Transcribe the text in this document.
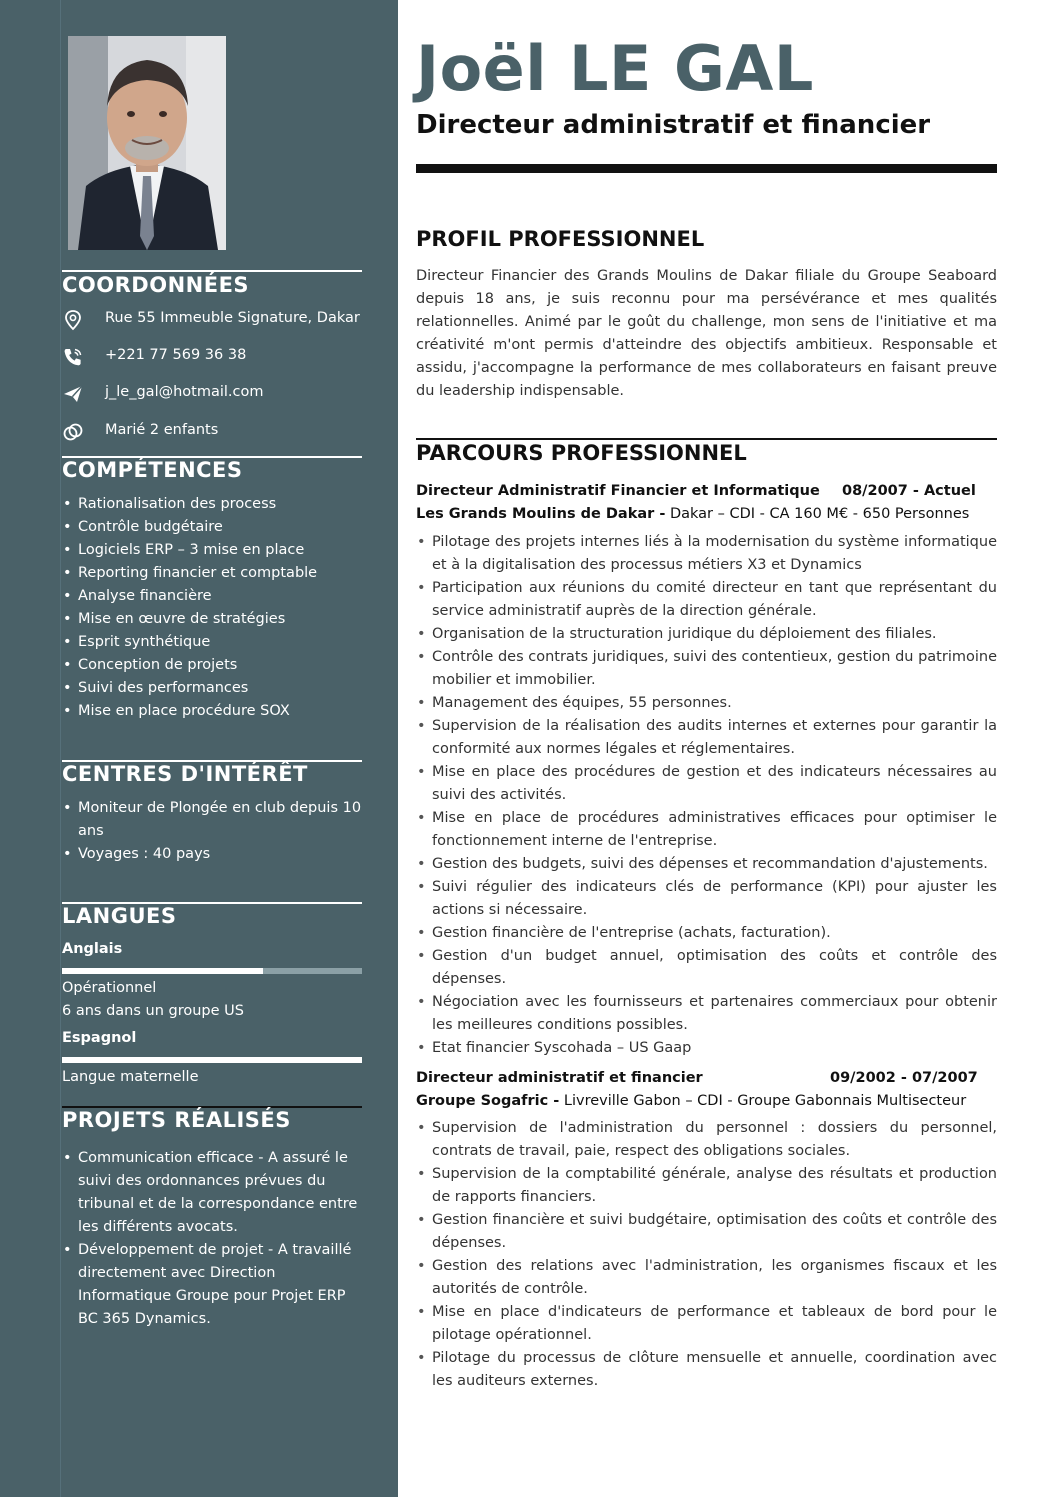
COORDONNÉES
Rue 55 Immeuble Signature, Dakar
+221 77 569 36 38
j_le_gal@hotmail.com
Marié 2 enfants
COMPÉTENCES
• Rationalisation des process
• Contrôle budgétaire
• Logiciels ERP – 3 mise en place
• Reporting financier et comptable
• Analyse financière
• Mise en œuvre de stratégies
• Esprit synthétique
• Conception de projets
• Suivi des performances
• Mise en place procédure SOX
CENTRES D'INTÉRÊT
• Moniteur de Plongée en club depuis 10 ans
• Voyages : 40 pays
LANGUES
Anglais
Opérationnel
6 ans dans un groupe US
Espagnol
Langue maternelle
PROJETS RÉALISÉS
• Communication efficace - A assuré le suivi des ordonnances prévues du tribunal et de la correspondance entre les différents avocats.
• Développement de projet - A travaillé directement avec Direction Informatique Groupe pour Projet ERP BC 365 Dynamics.
Joël LE GAL
Directeur administratif et financier
PROFIL PROFESSIONNEL

Directeur Financier des Grands Moulins de Dakar filiale du Groupe Seaboard depuis 18 ans, je suis reconnu pour ma persévérance et mes qualités relationnelles. Animé par le goût du challenge, mon sens de l'initiative et ma créativité m'ont permis d'atteindre des objectifs ambitieux. Responsable et assidu, j'accompagne la performance de mes collaborateurs en faisant preuve du leadership indispensable.

PARCOURS PROFESSIONNEL
Directeur Administratif Financier et Informatique 08/2007 - Actuel
Les Grands Moulins de Dakar - Dakar – CDI - CA 160 M€ - 650 Personnes
• Pilotage des projets internes liés à la modernisation du système informatique et à la digitalisation des processus métiers X3 et Dynamics
• Participation aux réunions du comité directeur en tant que représentant du service administratif auprès de la direction générale.
• Organisation de la structuration juridique du déploiement des filiales.
• Contrôle des contrats juridiques, suivi des contentieux, gestion du patrimoine mobilier et immobilier.
• Management des équipes, 55 personnes.
• Supervision de la réalisation des audits internes et externes pour garantir la conformité aux normes légales et réglementaires.
• Mise en place des procédures de gestion et des indicateurs nécessaires au suivi des activités.
• Mise en place de procédures administratives efficaces pour optimiser le fonctionnement interne de l'entreprise.
• Gestion des budgets, suivi des dépenses et recommandation d'ajustements.
• Suivi régulier des indicateurs clés de performance (KPI) pour ajuster les actions si nécessaire.
• Gestion financière de l'entreprise (achats, facturation).
• Gestion d'un budget annuel, optimisation des coûts et contrôle des dépenses.
• Négociation avec les fournisseurs et partenaires commerciaux pour obtenir les meilleures conditions possibles.
• Etat financier Syscohada – US Gaap
Directeur administratif et financier	09/2002 - 07/2007
Groupe Sogafric - Livreville Gabon – CDI - Groupe Gabonnais Multisecteur
• Supervision de l'administration du personnel : dossiers du personnel, contrats de travail, paie, respect des obligations sociales.
• Supervision de la comptabilité générale, analyse des résultats et production de rapports financiers.
• Gestion financière et suivi budgétaire, optimisation des coûts et contrôle des dépenses.
• Gestion des relations avec l'administration, les organismes fiscaux et les autorités de contrôle.
• Mise en place d'indicateurs de performance et tableaux de bord pour le pilotage opérationnel.
• Pilotage du processus de clôture mensuelle et annuelle, coordination avec les auditeurs externes.
